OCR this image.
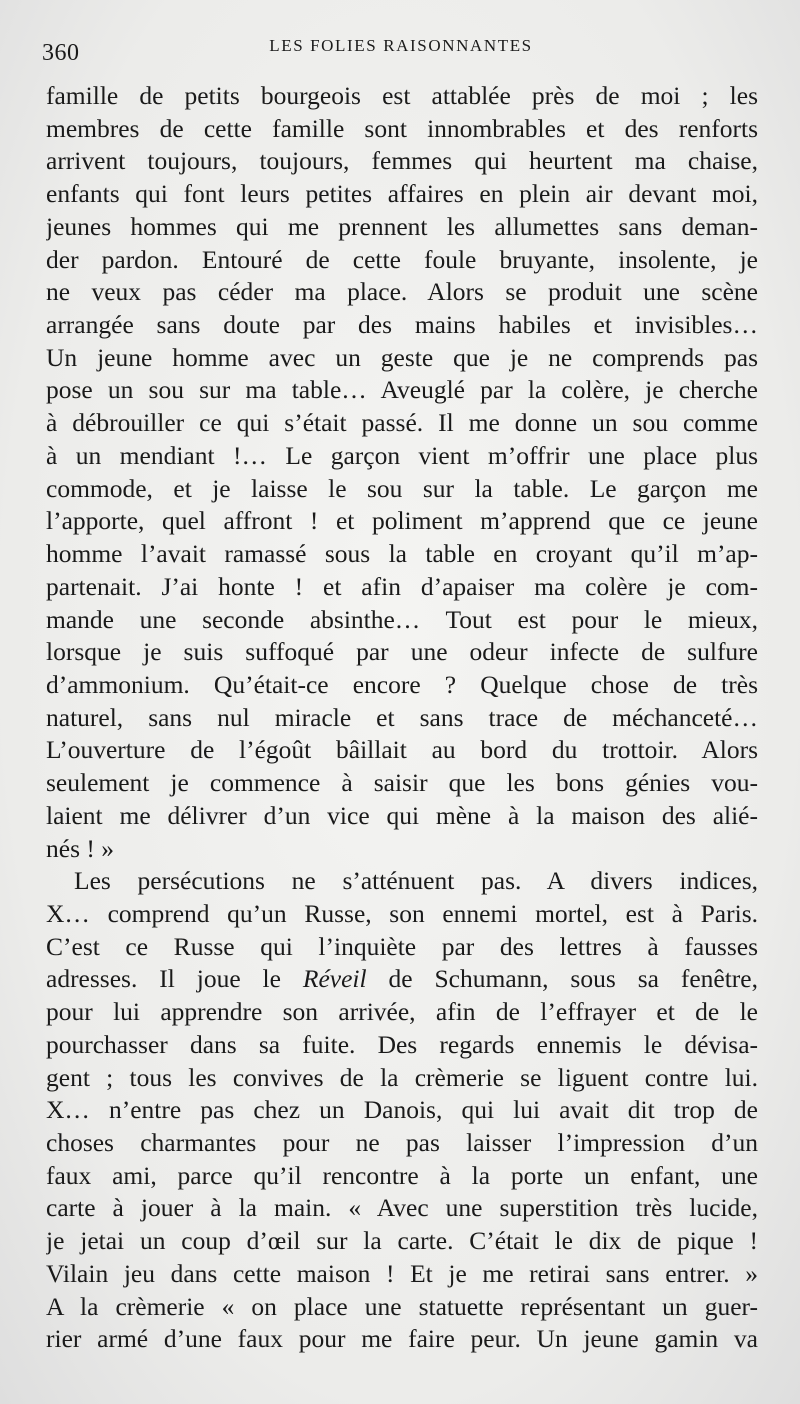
360	LES FOLIES RAISONNANTES
famille de petits bourgeois est attablée près de moi ; les
membres de cette famille sont innombrables et des renforts
arrivent toujours, toujours, femmes qui heurtent ma chaise,
enfants qui font leurs petites affaires en plein air devant moi,
jeunes hommes qui me prennent les allumettes sans deman-
der pardon. Entouré de cette foule bruyante, insolente, je
ne veux pas céder ma place. Alors se produit une scène
arrangée sans doute par des mains habiles et invisibles…
Un jeune homme avec un geste que je ne comprends pas
pose un sou sur ma table… Aveuglé par la colère, je cherche
à débrouiller ce qui s’était passé. Il me donne un sou comme
à un mendiant !… Le garçon vient m’offrir une place plus
commode, et je laisse le sou sur la table. Le garçon me
l’apporte, quel affront ! et poliment m’apprend que ce jeune
homme l’avait ramassé sous la table en croyant qu’il m’ap-
partenait. J’ai honte ! et afin d’apaiser ma colère je com-
mande une seconde absinthe… Tout est pour le mieux,
lorsque je suis suffoqué par une odeur infecte de sulfure
d’ammonium. Qu’était-ce encore ? Quelque chose de très
naturel, sans nul miracle et sans trace de méchanceté…
L’ouverture de l’égoût bâillait au bord du trottoir. Alors
seulement je commence à saisir que les bons génies vou-
laient me délivrer d’un vice qui mène à la maison des alié-
nés ! »
Les persécutions ne s’atténuent pas. A divers indices,
X… comprend qu’un Russe, son ennemi mortel, est à Paris.
C’est ce Russe qui l’inquiète par des lettres à fausses
adresses. Il joue le Réveil de Schumann, sous sa fenêtre,
pour lui apprendre son arrivée, afin de l’effrayer et de le
pourchasser dans sa fuite. Des regards ennemis le dévisa-
gent ; tous les convives de la crèmerie se liguent contre lui.
X… n’entre pas chez un Danois, qui lui avait dit trop de
choses charmantes pour ne pas laisser l’impression d’un
faux ami, parce qu’il rencontre à la porte un enfant, une
carte à jouer à la main. « Avec une superstition très lucide,
je jetai un coup d’œil sur la carte. C’était le dix de pique !
Vilain jeu dans cette maison ! Et je me retirai sans entrer. »
A la crèmerie « on place une statuette représentant un guer-
rier armé d’une faux pour me faire peur. Un jeune gamin va
